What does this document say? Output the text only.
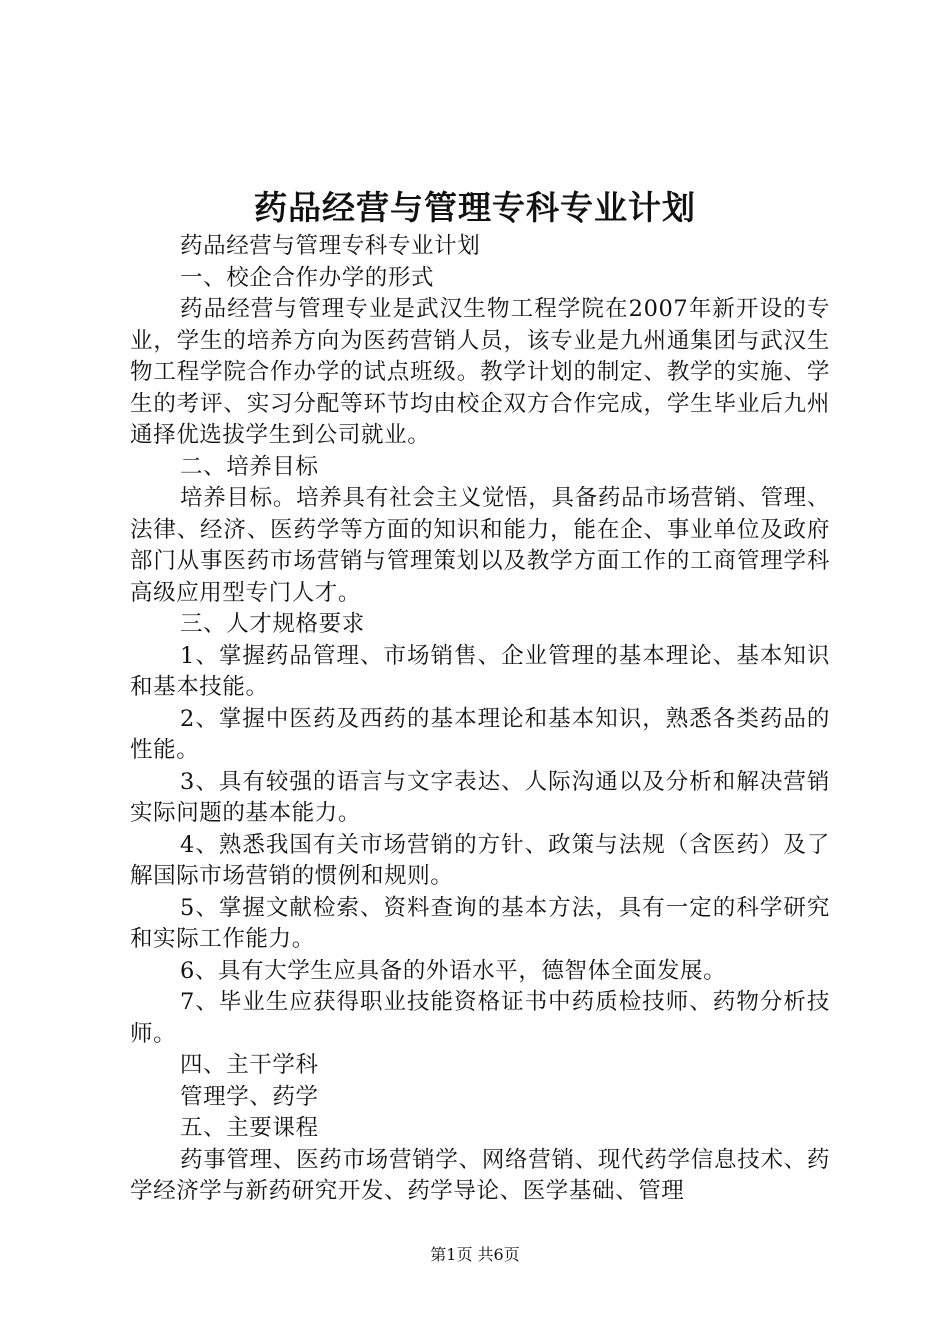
药品经营与管理专科专业计划

药品经营与管理专科专业计划

一、校企合作办学的形式

药品经营与管理专业是武汉生物工程学院在2007年新开设的专业，学生的培养方向为医药营销人员，该专业是九州通集团与武汉生物工程学院合作办学的试点班级。教学计划的制定、教学的实施、学生的考评、实习分配等环节均由校企双方合作完成，学生毕业后九州通择优选拔学生到公司就业。

二、培养目标

培养目标。培养具有社会主义觉悟，具备药品市场营销、管理、法律、经济、医药学等方面的知识和能力，能在企、事业单位及政府部门从事医药市场营销与管理策划以及教学方面工作的工商管理学科高级应用型专门人才。

三、人才规格要求

1、掌握药品管理、市场销售、企业管理的基本理论、基本知识和基本技能。

2、掌握中医药及西药的基本理论和基本知识，熟悉各类药品的性能。

3、具有较强的语言与文字表达、人际沟通以及分析和解决营销实际问题的基本能力。

4、熟悉我国有关市场营销的方针、政策与法规（含医药）及了解国际市场营销的惯例和规则。

5、掌握文献检索、资料查询的基本方法，具有一定的科学研究和实际工作能力。

6、具有大学生应具备的外语水平，德智体全面发展。

7、毕业生应获得职业技能资格证书中药质检技师、药物分析技师。

四、主干学科

管理学、药学

五、主要课程

药事管理、医药市场营销学、网络营销、现代药学信息技术、药学经济学与新药研究开发、药学导论、医学基础、管理

第1页 共6页
